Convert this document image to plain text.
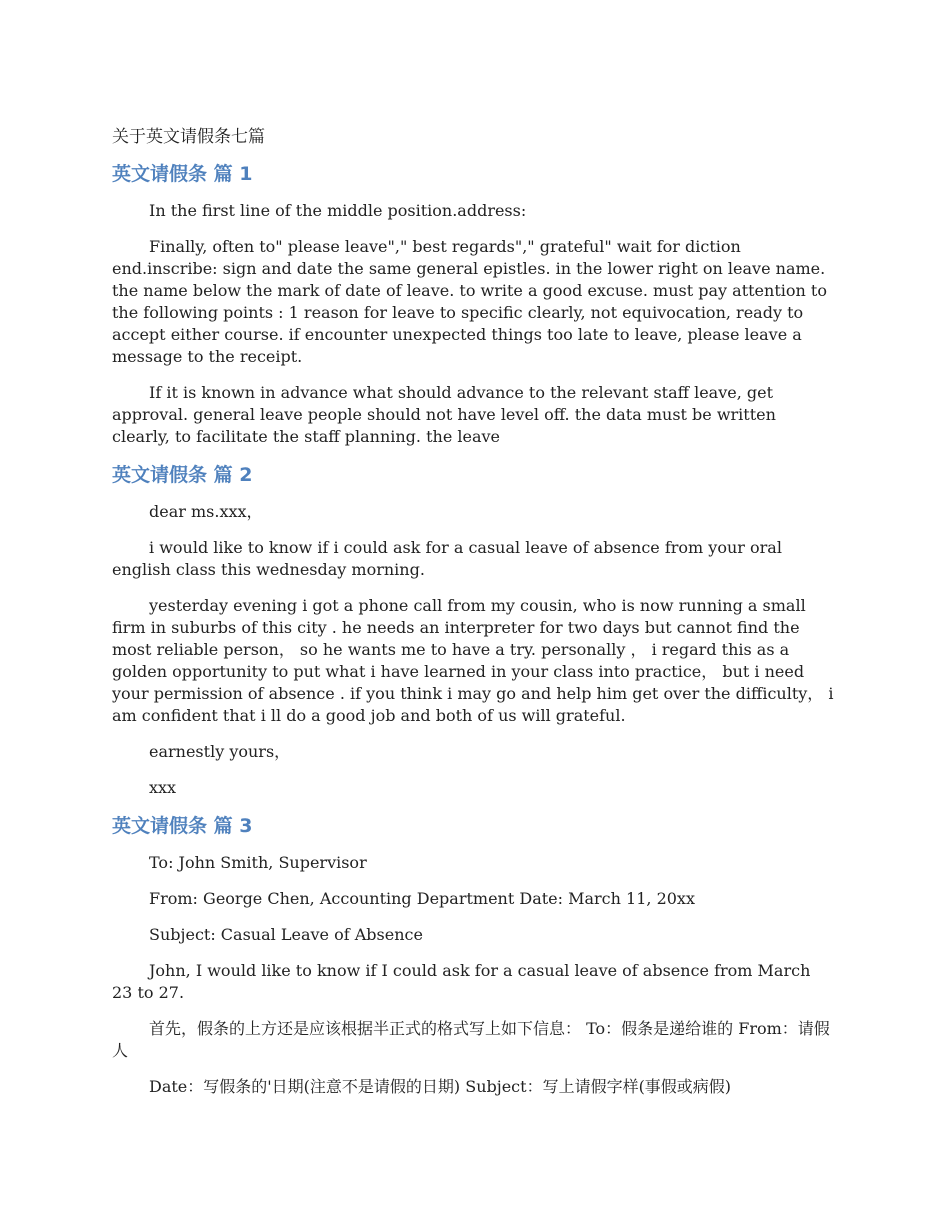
关于英文请假条七篇
英文请假条 篇 1

In the first line of the middle position.address:

Finally, often to" please leave"," best regards"," grateful" wait for diction end.inscribe: sign and date the same general epistles. in the lower right on leave name. the name below the mark of date of leave. to write a good excuse. must pay attention to the following points : 1 reason for leave to specific clearly, not equivocation, ready to accept either course. if encounter unexpected things too late to leave, please leave a message to the receipt.

If it is known in advance what should advance to the relevant staff leave, get approval. general leave people should not have level off. the data must be written clearly, to facilitate the staff planning. the leave

英文请假条 篇 2

dear ms.xxx，

i would like to know if i could ask for a casual leave of absence from your oral english class this wednesday morning.

yesterday evening i got a phone call from my cousin, who is now running a small firm in suburbs of this city . he needs an interpreter for two days but cannot find the most reliable person， so he wants me to have a try. personally ， i regard this as a golden opportunity to put what i have learned in your class into practice， but i need your permission of absence . if you think i may go and help him get over the difficulty， i am confident that i ll do a good job and both of us will grateful.

earnestly yours，

xxx

英文请假条 篇 3

To: John Smith, Supervisor

From: George Chen, Accounting Department Date: March 11, 20xx

Subject: Casual Leave of Absence

John, I would like to know if I could ask for a casual leave of absence from March 23 to 27.

首先，假条的上方还是应该根据半正式的格式写上如下信息： To：假条是递给谁的 From：请假人

Date：写假条的'日期(注意不是请假的日期) Subject：写上请假字样(事假或病假)
